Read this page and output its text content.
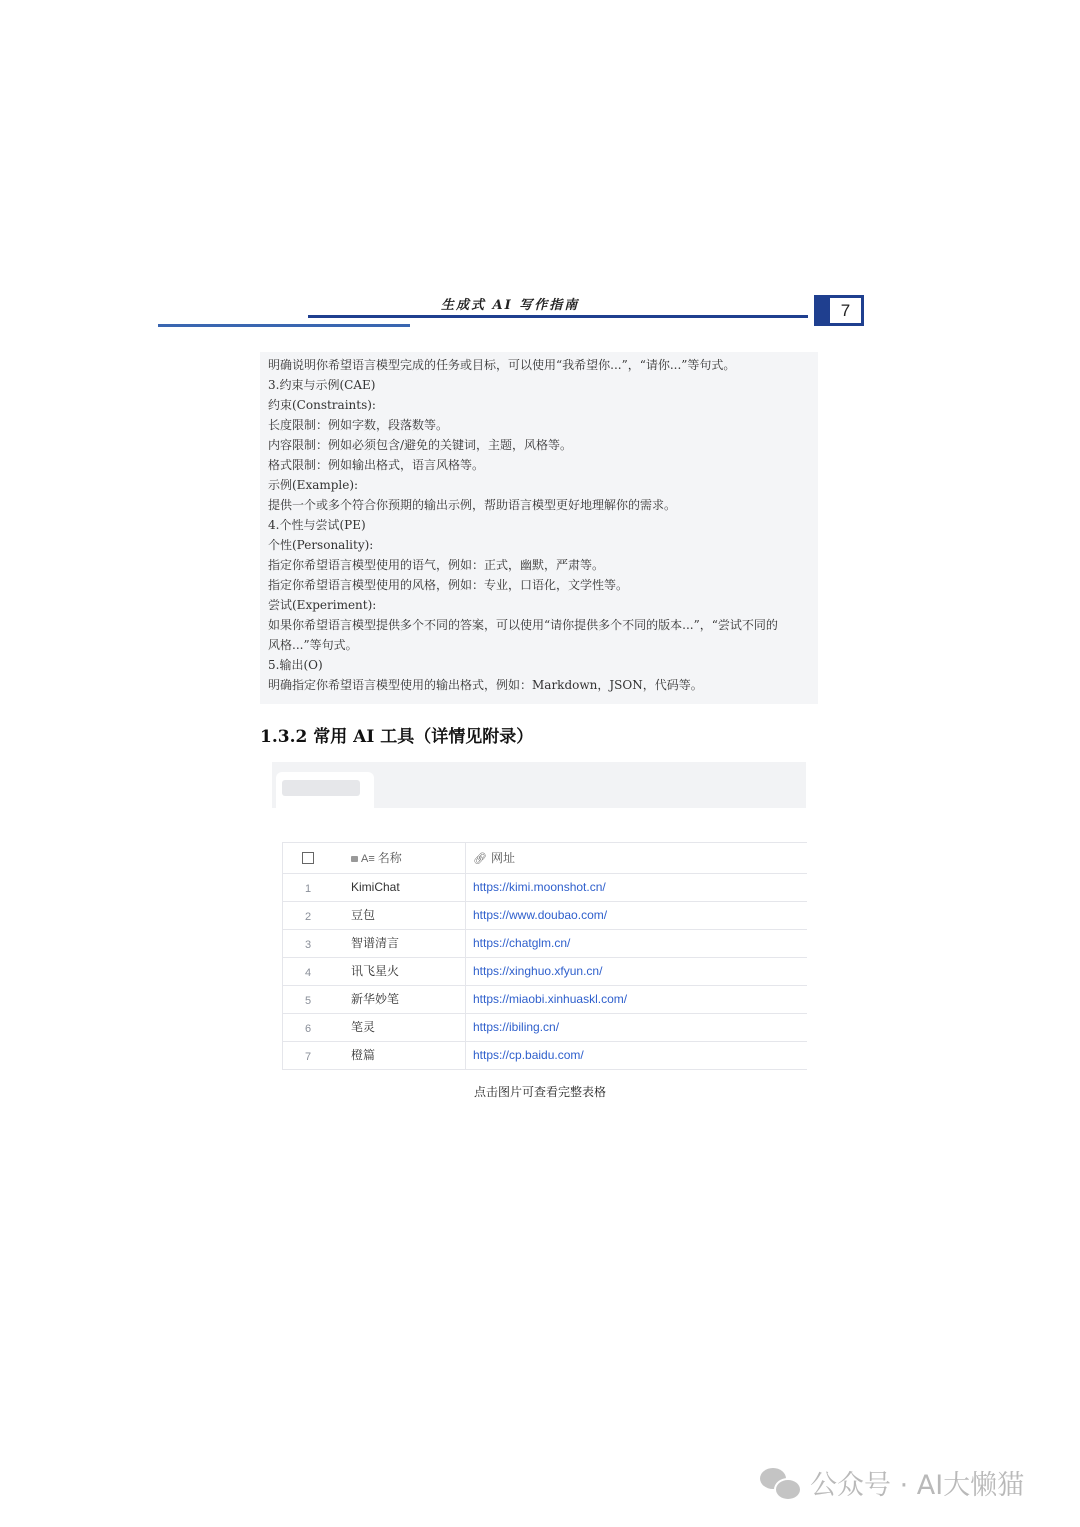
生成式 AI 写作指南	7
明确说明你希望语言模型完成的任务或目标，可以使用“我希望你...”，“请你...”等句式。
3.约束与示例(CAE)
约束(Constraints):
长度限制：例如字数，段落数等。
内容限制：例如必须包含/避免的关键词，主题，风格等。
格式限制：例如输出格式，语言风格等。
示例(Example):
提供一个或多个符合你预期的输出示例，帮助语言模型更好地理解你的需求。
4.个性与尝试(PE)
个性(Personality):
指定你希望语言模型使用的语气，例如：正式，幽默，严肃等。
指定你希望语言模型使用的风格，例如：专业，口语化，文学性等。
尝试(Experiment):
如果你希望语言模型提供多个不同的答案，可以使用“请你提供多个不同的版本...”，“尝试不同的
风格...”等句式。
5.输出(O)
明确指定你希望语言模型使用的输出格式，例如：Markdown，JSON，代码等。
1.3.2 常用 AI 工具（详情见附录）
A≡ 名称	🔗︎ 网址
1	KimiChat	https://kimi.moonshot.cn/
2	豆包	https://www.doubao.com/
3	智谱清言	https://chatglm.cn/
4	讯飞星火	https://xinghuo.xfyun.cn/
5	新华妙笔	https://miaobi.xinhuaskl.com/
6	笔灵	https://ibiling.cn/
7	橙篇	https://cp.baidu.com/
点击图片可查看完整表格
公众号 · AI大懒猫
